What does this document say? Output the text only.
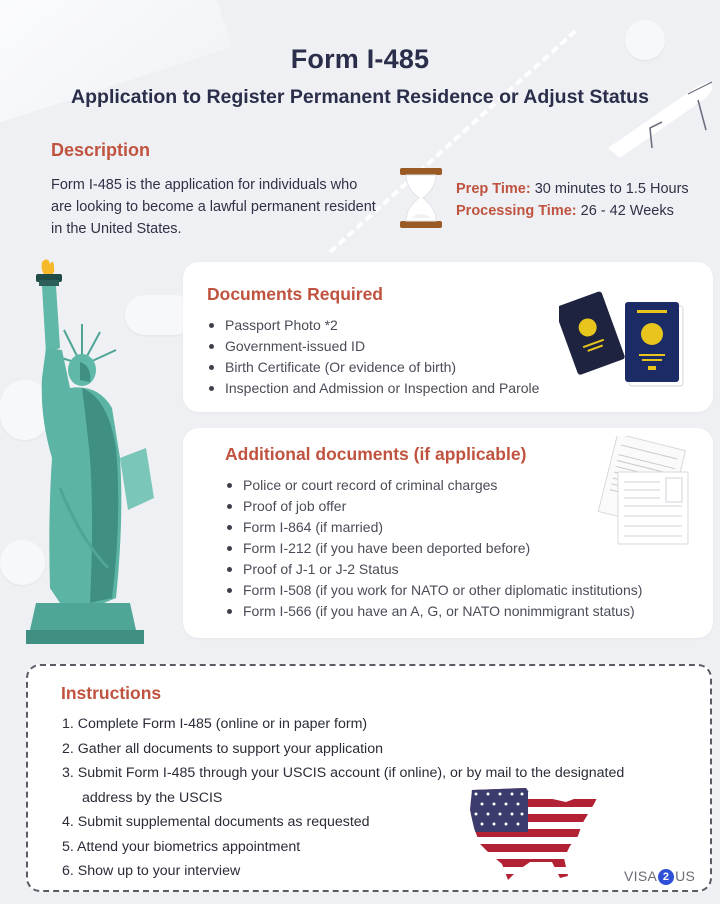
Form I-485
Application to Register Permanent Residence or Adjust Status
Description

Form I-485 is the application for individuals who are looking to become a lawful permanent resident in the United States.

Prep Time: 30 minutes to 1.5 Hours
Processing Time: 26 - 42 Weeks
Documents Required
Passport Photo *2
Government-issued ID
Birth Certificate (Or evidence of birth)
Inspection and Admission or Inspection and Parole
Additional documents (if applicable)
Police or court record of criminal charges
Proof of job offer
Form I-864 (if married)
Form I-212 (if you have been deported before)
Proof of J-1 or J-2 Status
Form I-508 (if you work for NATO or other diplomatic institutions)
Form I-566 (if you have an A, G, or NATO nonimmigrant status)
Instructions
1. Complete Form I-485 (online or in paper form)
2. Gather all documents to support your application
3. Submit Form I-485 through your USCIS account (if online), or by mail to the designated
address by the USCIS
4. Submit supplemental documents as requested
5. Attend your biometrics appointment
6. Show up to your interview	VISA 2 US
